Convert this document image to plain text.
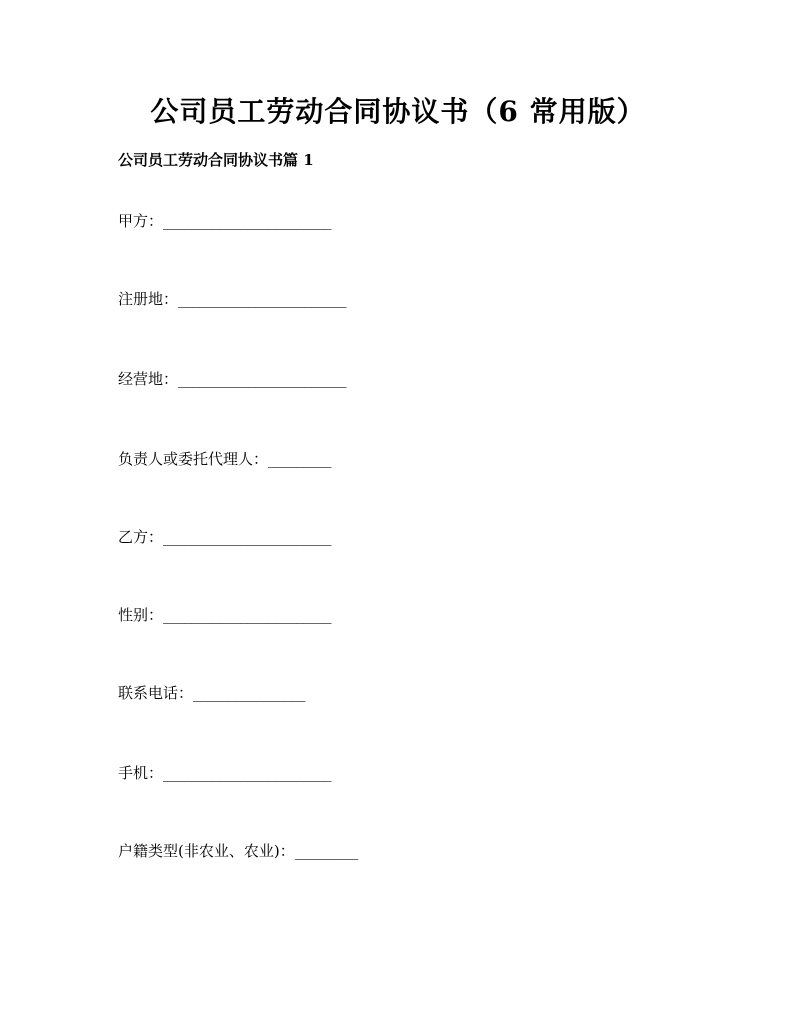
公司员工劳动合同协议书（6 常用版）
公司员工劳动合同协议书篇 1
甲方：________________________
注册地：________________________
经营地：________________________
负责人或委托代理人：_________
乙方：________________________
性别：________________________
联系电话：________________
手机：________________________
户籍类型(非农业、农业)：_________
